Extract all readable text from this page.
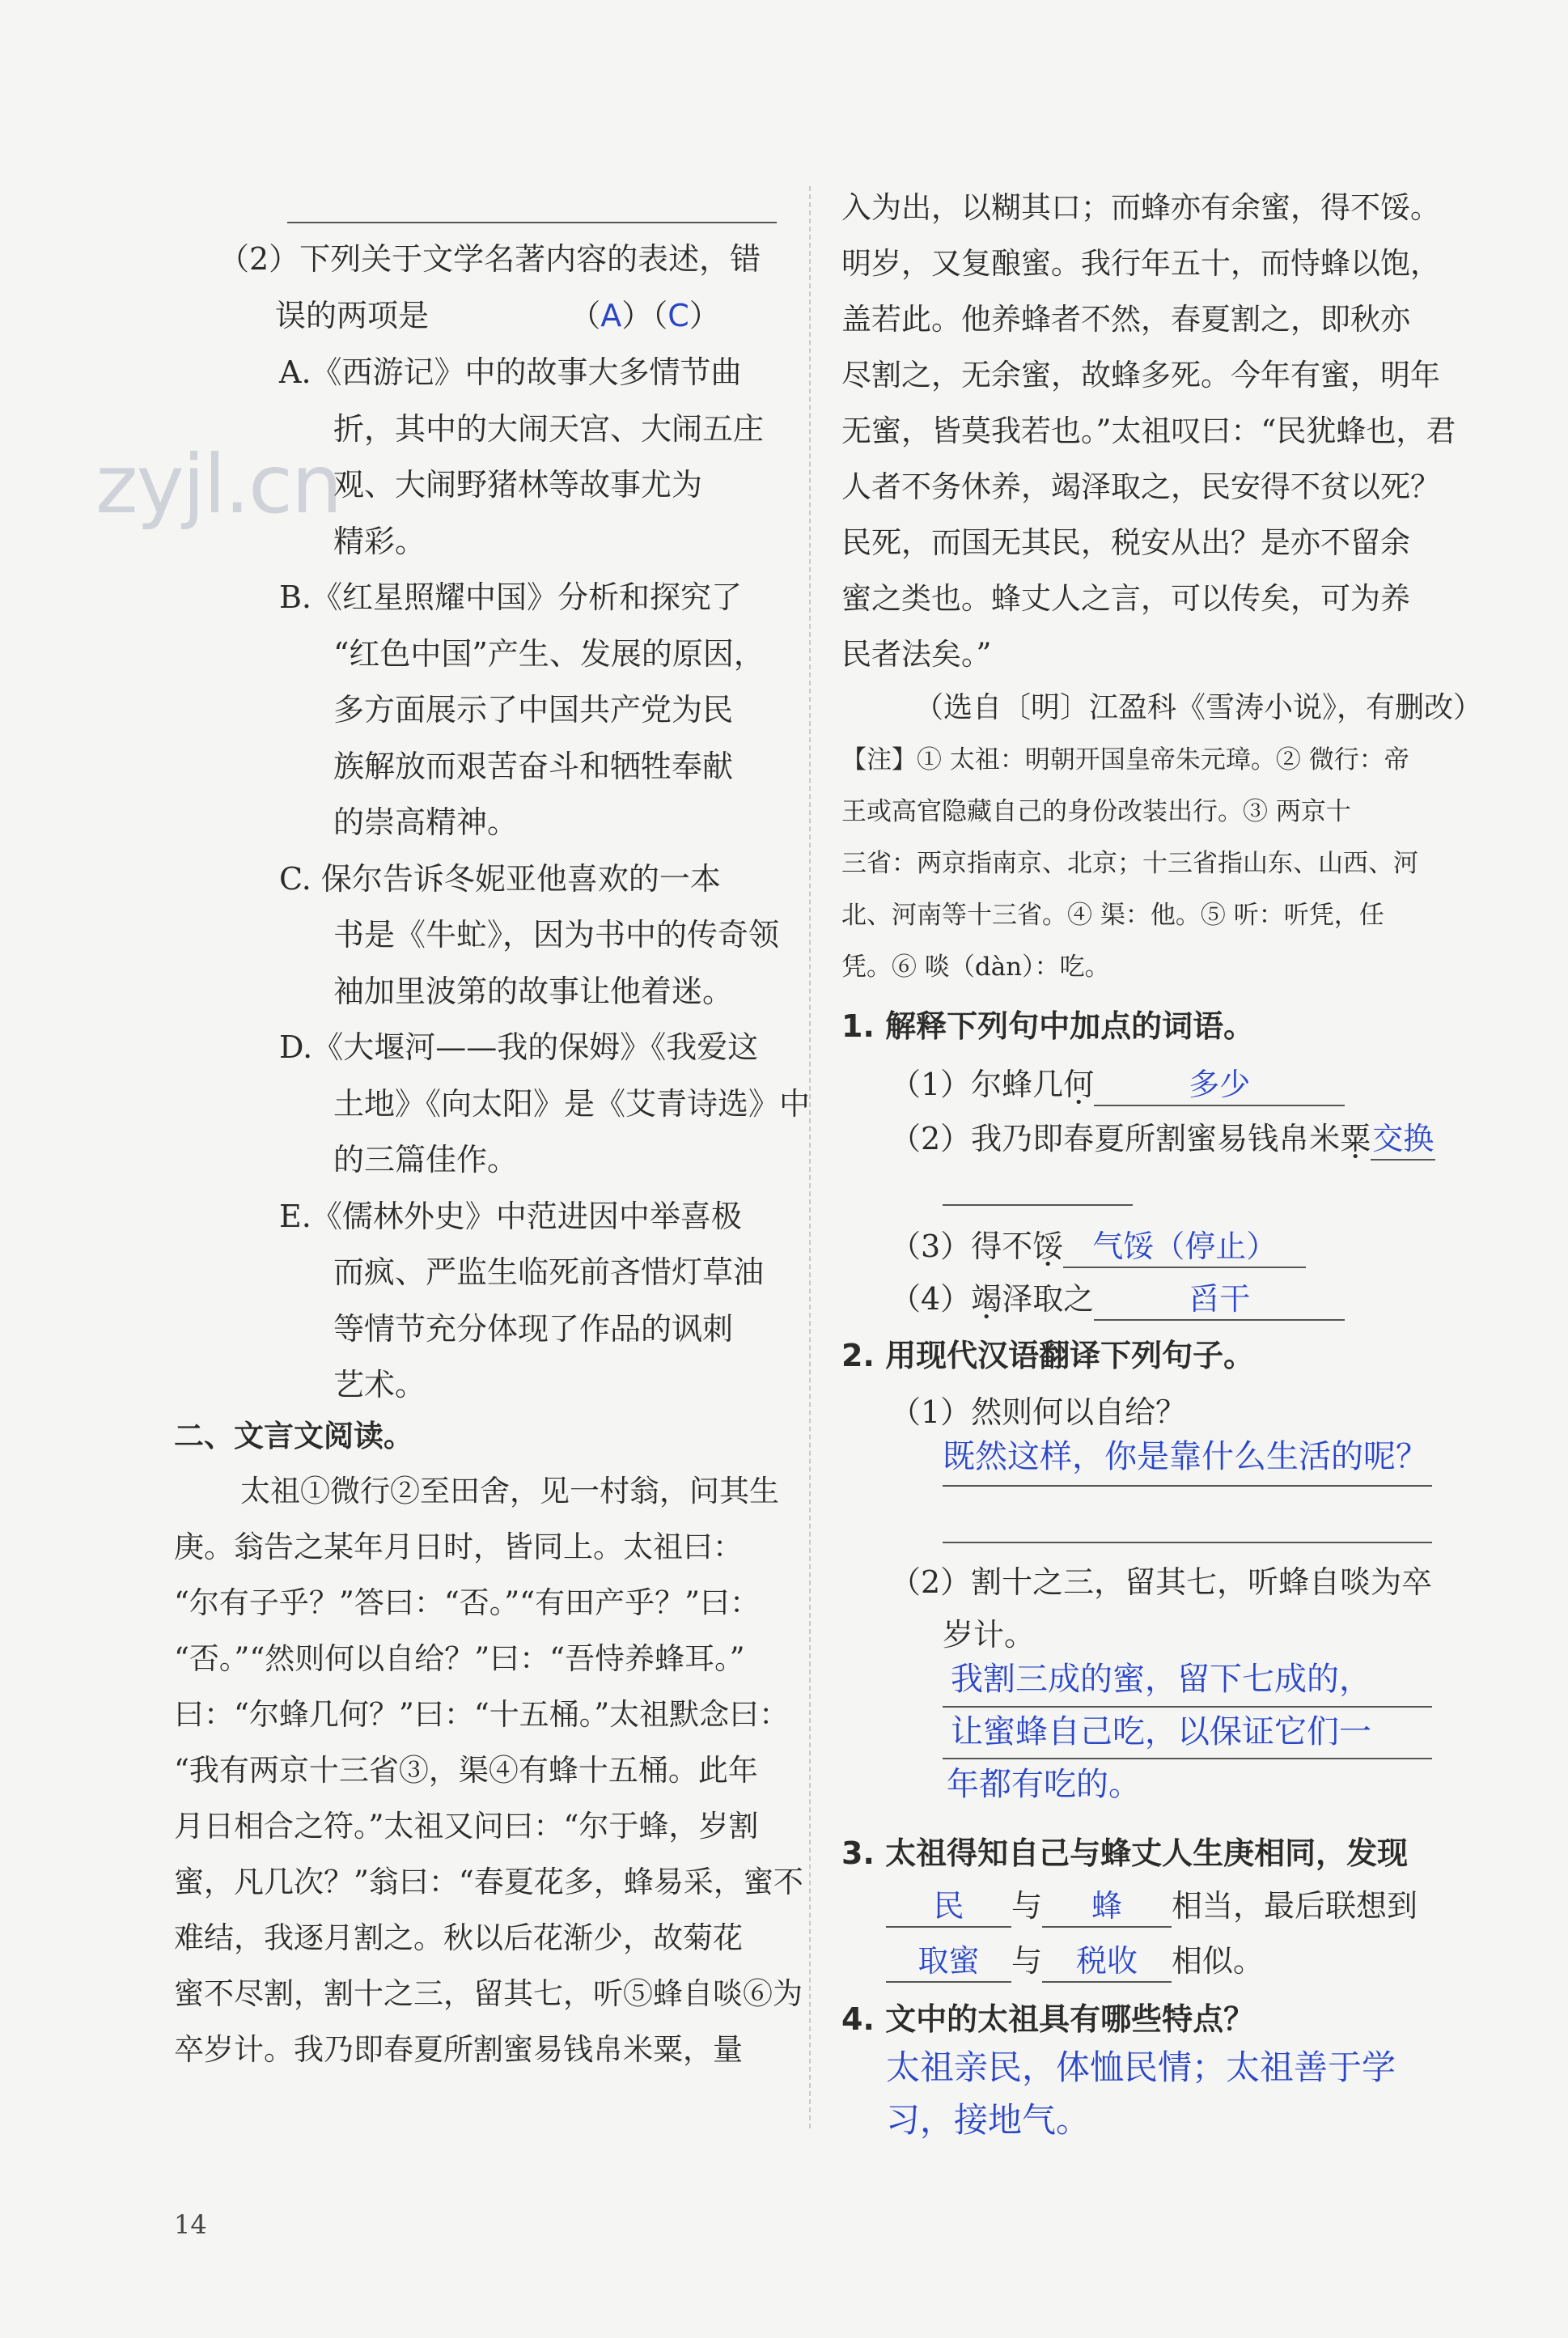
zyjl.cn
（2）下列关于文学名著内容的表述，错
误的两项是	（A）（C）
A.《西游记》中的故事大多情节曲
折，其中的大闹天宫、大闹五庄
观、大闹野猪林等故事尤为
精彩。
B.《红星照耀中国》分析和探究了
“红色中国”产生、发展的原因，
多方面展示了中国共产党为民
族解放而艰苦奋斗和牺牲奉献
的崇高精神。
C. 保尔告诉冬妮亚他喜欢的一本
书是《牛虻》，因为书中的传奇领
袖加里波第的故事让他着迷。
D.《大堰河——我的保姆》《我爱这
土地》《向太阳》是《艾青诗选》中
的三篇佳作。
E.《儒林外史》中范进因中举喜极
而疯、严监生临死前吝惜灯草油
等情节充分体现了作品的讽刺
艺术。
二、文言文阅读。
太祖①微行②至田舍，见一村翁，问其生
庚。翁告之某年月日时，皆同上。太祖曰：
“尔有子乎？”答曰：“否。”“有田产乎？”曰：
“否。”“然则何以自给？”曰：“吾恃养蜂耳。”
曰：“尔蜂几何？”曰：“十五桶。”太祖默念曰：
“我有两京十三省③，渠④有蜂十五桶。此年
月日相合之符。”太祖又问曰：“尔于蜂，岁割
蜜，凡几次？”翁曰：“春夏花多，蜂易采，蜜不
难结，我逐月割之。秋以后花渐少，故菊花
蜜不尽割，割十之三，留其七，听⑤蜂自啖⑥为
卒岁计。我乃即春夏所割蜜易钱帛米粟，量
入为出，以糊其口；而蜂亦有余蜜，得不馁。
明岁，又复酿蜜。我行年五十，而恃蜂以饱，
盖若此。他养蜂者不然，春夏割之，即秋亦
尽割之，无余蜜，故蜂多死。今年有蜜，明年
无蜜，皆莫我若也。”太祖叹曰：“民犹蜂也，君
人者不务休养，竭泽取之，民安得不贫以死？
民死，而国无其民，税安从出？是亦不留余
蜜之类也。蜂丈人之言，可以传矣，可为养
民者法矣。”
（选自〔明〕江盈科《雪涛小说》，有删改）
【注】① 太祖：明朝开国皇帝朱元璋。② 微行：帝
王或高官隐藏自己的身份改装出行。③ 两京十
三省：两京指南京、北京；十三省指山东、山西、河
北、河南等十三省。④ 渠：他。⑤ 听：听凭，任
凭。⑥ 啖（dàn）：吃。
1. 解释下列句中加点的词语。
（1）尔蜂几何	多少
（2）我乃即春夏所割蜜易钱帛米粟交换
（3）得不馁 气馁（停止）
（4）竭泽取之	舀干
2. 用现代汉语翻译下列句子。
（1）然则何以自给？
既然这样，你是靠什么生活的呢？
（2）割十之三，留其七，听蜂自啖为卒
岁计。
我割三成的蜜，留下七成的，
让蜜蜂自己吃，以保证它们一
年都有吃的。
3. 太祖得知自己与蜂丈人生庚相同，发现
民 与 蜂 相当，最后联想到
取蜜 与 税收 相似。
4. 文中的太祖具有哪些特点？
太祖亲民，体恤民情；太祖善于学
习，接地气。
14
